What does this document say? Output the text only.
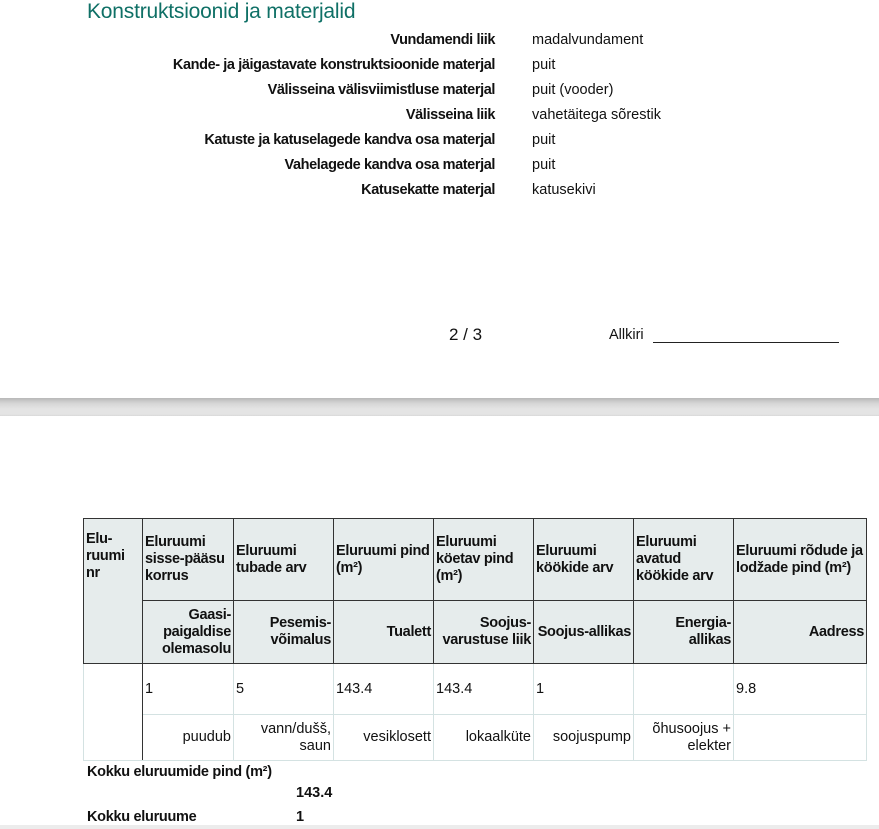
Konstruktsioonid ja materjalid
Vundamendi liik	madalvundament
Kande- ja jäigastavate konstruktsioonide materjal	puit
Välisseina välisviimistluse materjal	puit (vooder)
Välisseina liik	vahetäitega sõrestik
Katuste ja katuselagede kandva osa materjal	puit
Vahelagede kandva osa materjal	puit
Katusekatte materjal	katusekivi
2 / 3	Allkiri
Elu-ruumi nr	Eluruumi sisse-pääsu korrus	Eluruumi tubade arv	Eluruumi pind (m²)	Eluruumi köetav pind (m²)	Eluruumi köökide arv	Eluruumi avatud köökide arv	Eluruumi rõdude ja lodžade pind (m²)
	Gaasi-paigaldise olemasolu	Pesemis-võimalus	Tualett	Soojus-varustuse liik	Soojus-allikas	Energia-allikas	Aadress
	1	5	143.4	143.4	1		9.8
	puudub	vann/dušš, saun	vesiklosett	lokaalküte	soojuspump	õhusoojus + elekter	
Kokku eluruumide pind (m²)
143.4
Kokku eluruume	1
